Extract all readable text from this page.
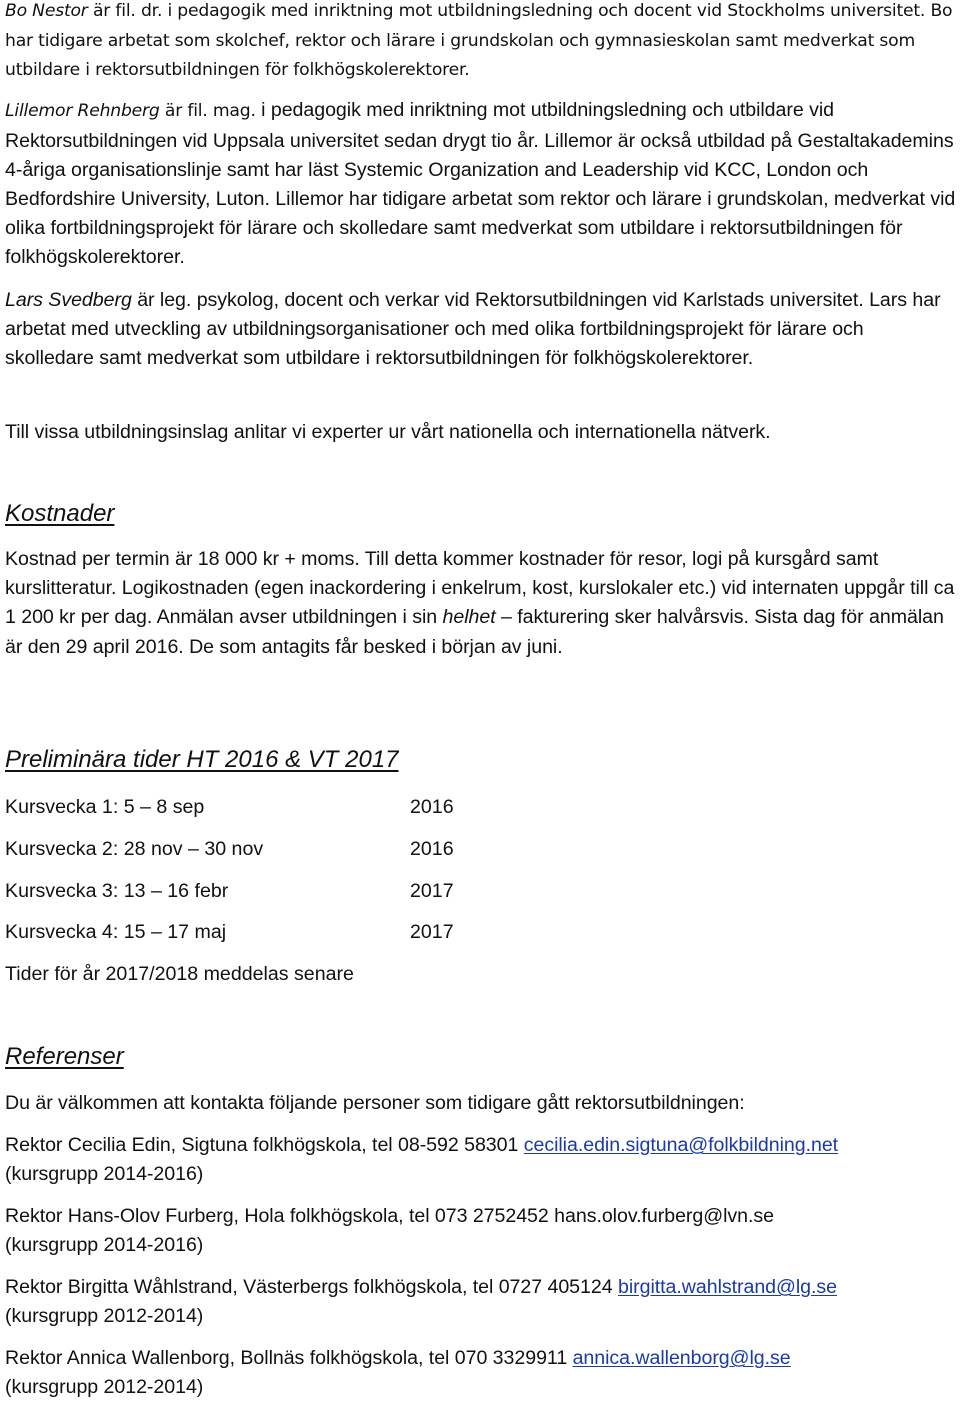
Bo Nestor är fil. dr. i pedagogik med inriktning mot utbildningsledning och docent vid Stockholms universitet. Bo har tidigare arbetat som skolchef, rektor och lärare i grundskolan och gymnasieskolan samt medverkat som utbildare i rektorsutbildningen för folkhögskolerektorer.

Lillemor Rehnberg är fil. mag. i pedagogik med inriktning mot utbildningsledning och utbildare vid Rektorsutbildningen vid Uppsala universitet sedan drygt tio år. Lillemor är också utbildad på Gestaltakademins 4-åriga organisationslinje samt har läst Systemic Organization and Leadership vid KCC, London och Bedfordshire University, Luton. Lillemor har tidigare arbetat som rektor och lärare i grundskolan, medverkat vid olika fortbildningsprojekt för lärare och skolledare samt medverkat som utbildare i rektorsutbildningen för folkhögskolerektorer.

Lars Svedberg är leg. psykolog, docent och verkar vid Rektorsutbildningen vid Karlstads universitet. Lars har arbetat med utveckling av utbildningsorganisationer och med olika fortbildningsprojekt för lärare och skolledare samt medverkat som utbildare i rektorsutbildningen för folkhögskolerektorer.

Till vissa utbildningsinslag anlitar vi experter ur vårt nationella och internationella nätverk.

Kostnader

Kostnad per termin är 18 000 kr + moms. Till detta kommer kostnader för resor, logi på kursgård samt kurslitteratur. Logikostnaden (egen inackordering i enkelrum, kost, kurslokaler etc.) vid internaten uppgår till ca 1 200 kr per dag. Anmälan avser utbildningen i sin helhet – fakturering sker halvårsvis. Sista dag för anmälan är den 29 april 2016. De som antagits får besked i början av juni.

Preliminära tider HT 2016 & VT 2017
Kursvecka 1: 5 – 8 sep	2016
Kursvecka 2: 28 nov – 30 nov	2016
Kursvecka 3: 13 – 16 febr	2017
Kursvecka 4: 15 – 17 maj	2017
Tider för år 2017/2018 meddelas senare
Referenser

Du är välkommen att kontakta följande personer som tidigare gått rektorsutbildningen:

Rektor Cecilia Edin, Sigtuna folkhögskola, tel 08-592 58301 cecilia.edin.sigtuna@folkbildning.net
(kursgrupp 2014-2016)

Rektor Hans-Olov Furberg, Hola folkhögskola, tel 073 2752452 hans.olov.furberg@lvn.se
(kursgrupp 2014-2016)

Rektor Birgitta Wåhlstrand, Västerbergs folkhögskola, tel 0727 405124 birgitta.wahlstrand@lg.se
(kursgrupp 2012-2014)

Rektor Annica Wallenborg, Bollnäs folkhögskola, tel 070 3329911 annica.wallenborg@lg.se
(kursgrupp 2012-2014)
